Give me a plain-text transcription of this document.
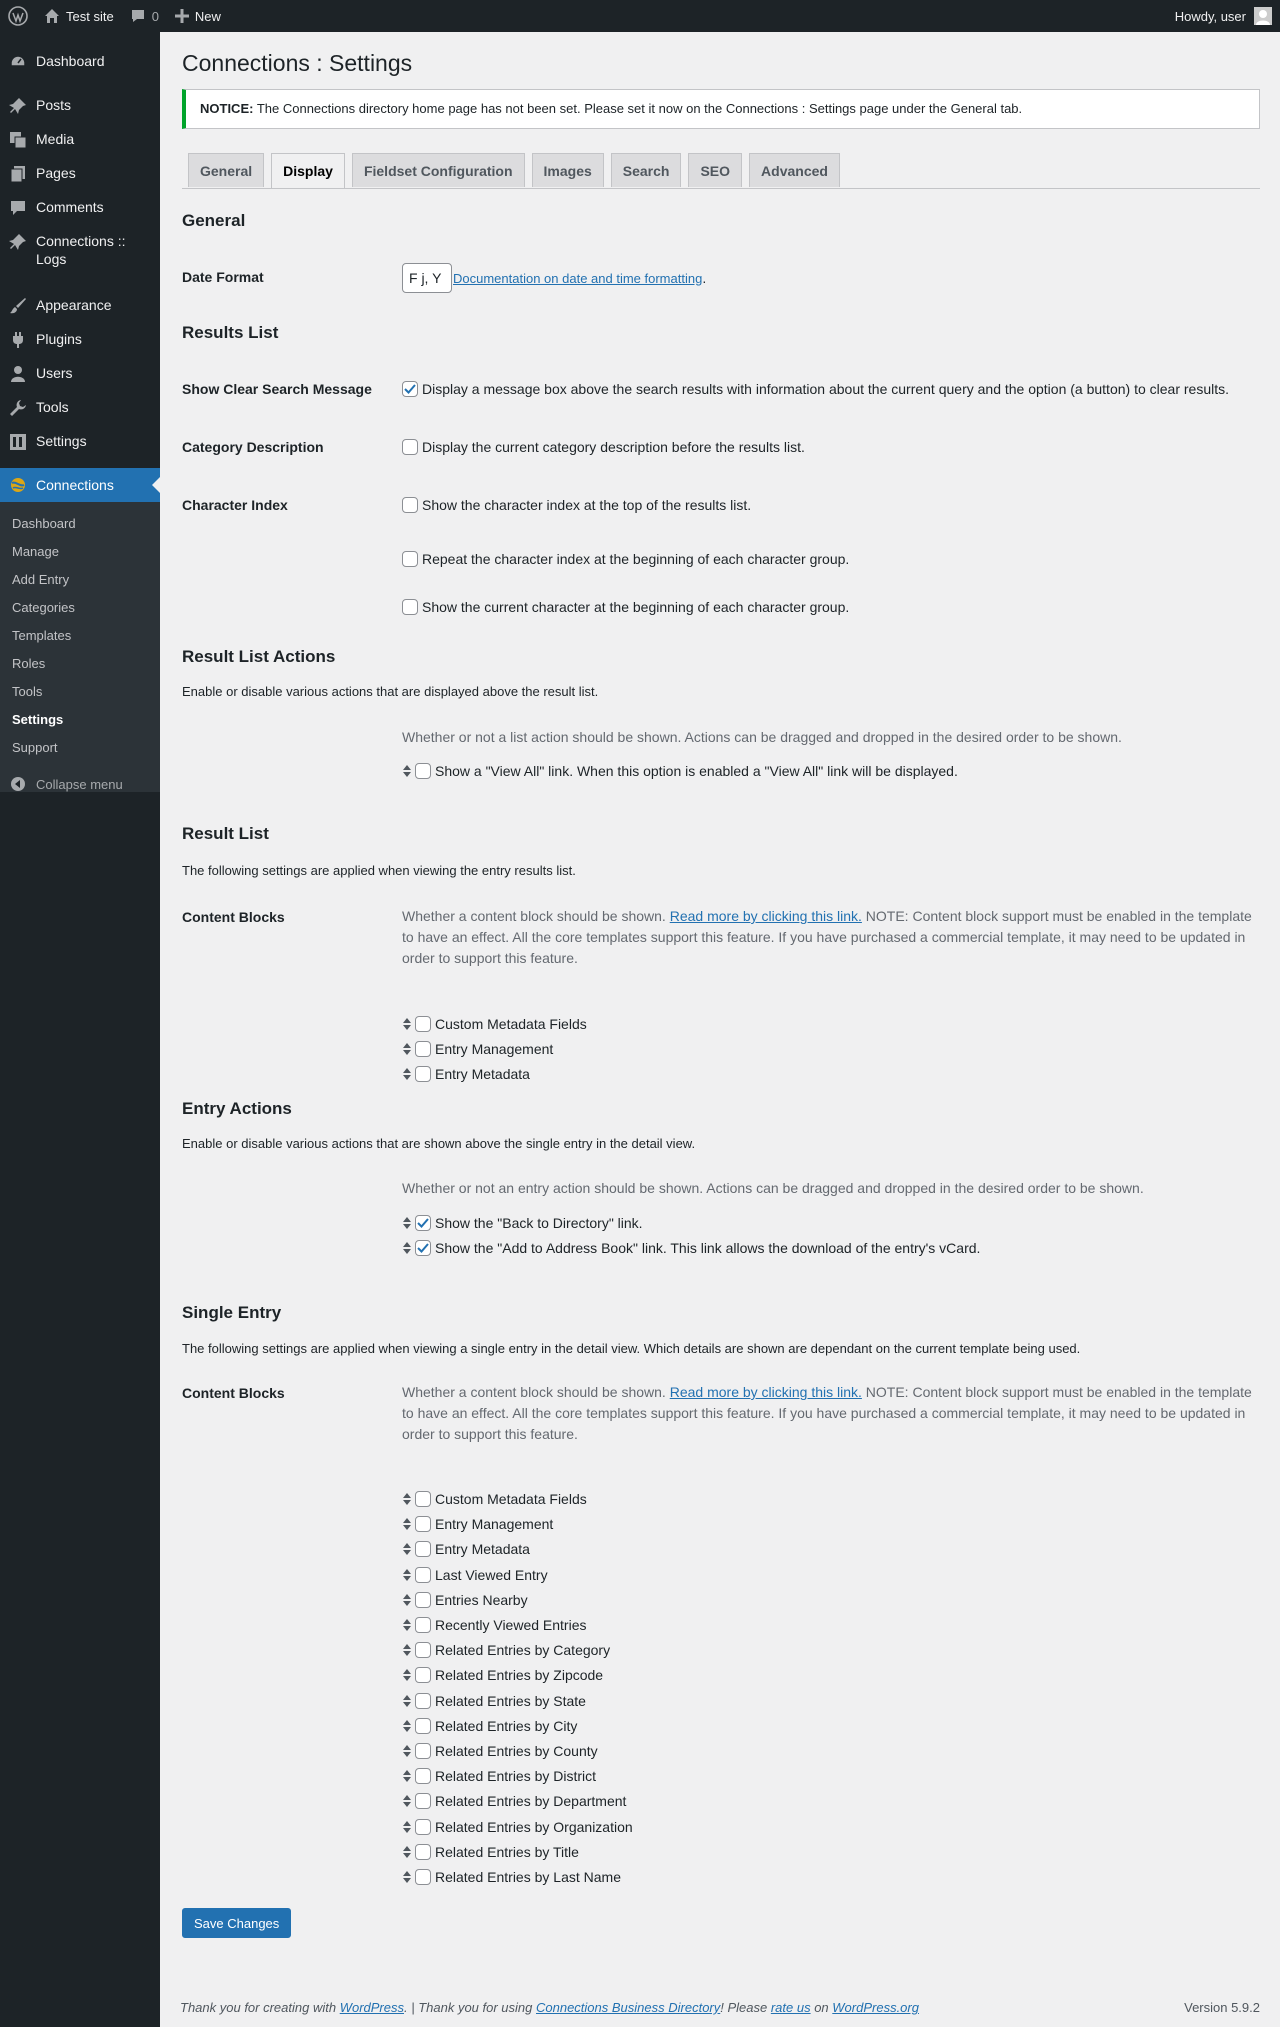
Test site	0	New	Howdy, user
Dashboard
Posts
Media
Pages
Comments
Connections ::
Logs
Appearance
Plugins
Users
Tools
Settings
Connections
Dashboard
Manage
Add Entry
Categories
Templates
Roles
Tools
Settings
Support
Collapse menu
Connections : Settings
NOTICE: The Connections directory home page has not been set. Please set it now on the Connections : Settings page under the General tab.
General	Display	Fieldset Configuration	Images	Search	SEO	Advanced
General
Date Format	F j, Y Documentation on date and time formatting .
Results List
Show Clear Search Message	Display a message box above the search results with information about the current query and the option (a button) to clear results.
Category Description	Display the current category description before the results list.
Character Index	Show the character index at the top of the results list.
Repeat the character index at the beginning of each character group.
Show the current character at the beginning of each character group.
Result List Actions
Enable or disable various actions that are displayed above the result list.
Whether or not a list action should be shown. Actions can be dragged and dropped in the desired order to be shown.
Show a "View All" link. When this option is enabled a "View All" link will be displayed.
Result List
The following settings are applied when viewing the entry results list.
Content Blocks	Whether a content block should be shown. Read more by clicking this link. NOTE: Content block support must be enabled in the template to have an effect. All the core templates support this feature. If you have purchased a commercial template, it may need to be updated in order to support this feature.
Custom Metadata Fields
Entry Management
Entry Metadata
Entry Actions
Enable or disable various actions that are shown above the single entry in the detail view.
Whether or not an entry action should be shown. Actions can be dragged and dropped in the desired order to be shown.
Show the "Back to Directory" link.
Show the "Add to Address Book" link. This link allows the download of the entry's vCard.
Single Entry
The following settings are applied when viewing a single entry in the detail view. Which details are shown are dependant on the current template being used.
Content Blocks	Whether a content block should be shown. Read more by clicking this link. NOTE: Content block support must be enabled in the template to have an effect. All the core templates support this feature. If you have purchased a commercial template, it may need to be updated in order to support this feature.
Custom Metadata Fields
Entry Management
Entry Metadata
Last Viewed Entry
Entries Nearby
Recently Viewed Entries
Related Entries by Category
Related Entries by Zipcode
Related Entries by State
Related Entries by City
Related Entries by County
Related Entries by District
Related Entries by Department
Related Entries by Organization
Related Entries by Title
Related Entries by Last Name
Save Changes
Thank you for creating with WordPress. | Thank you for using Connections Business Directory! Please rate us on WordPress.org	Version 5.9.2
